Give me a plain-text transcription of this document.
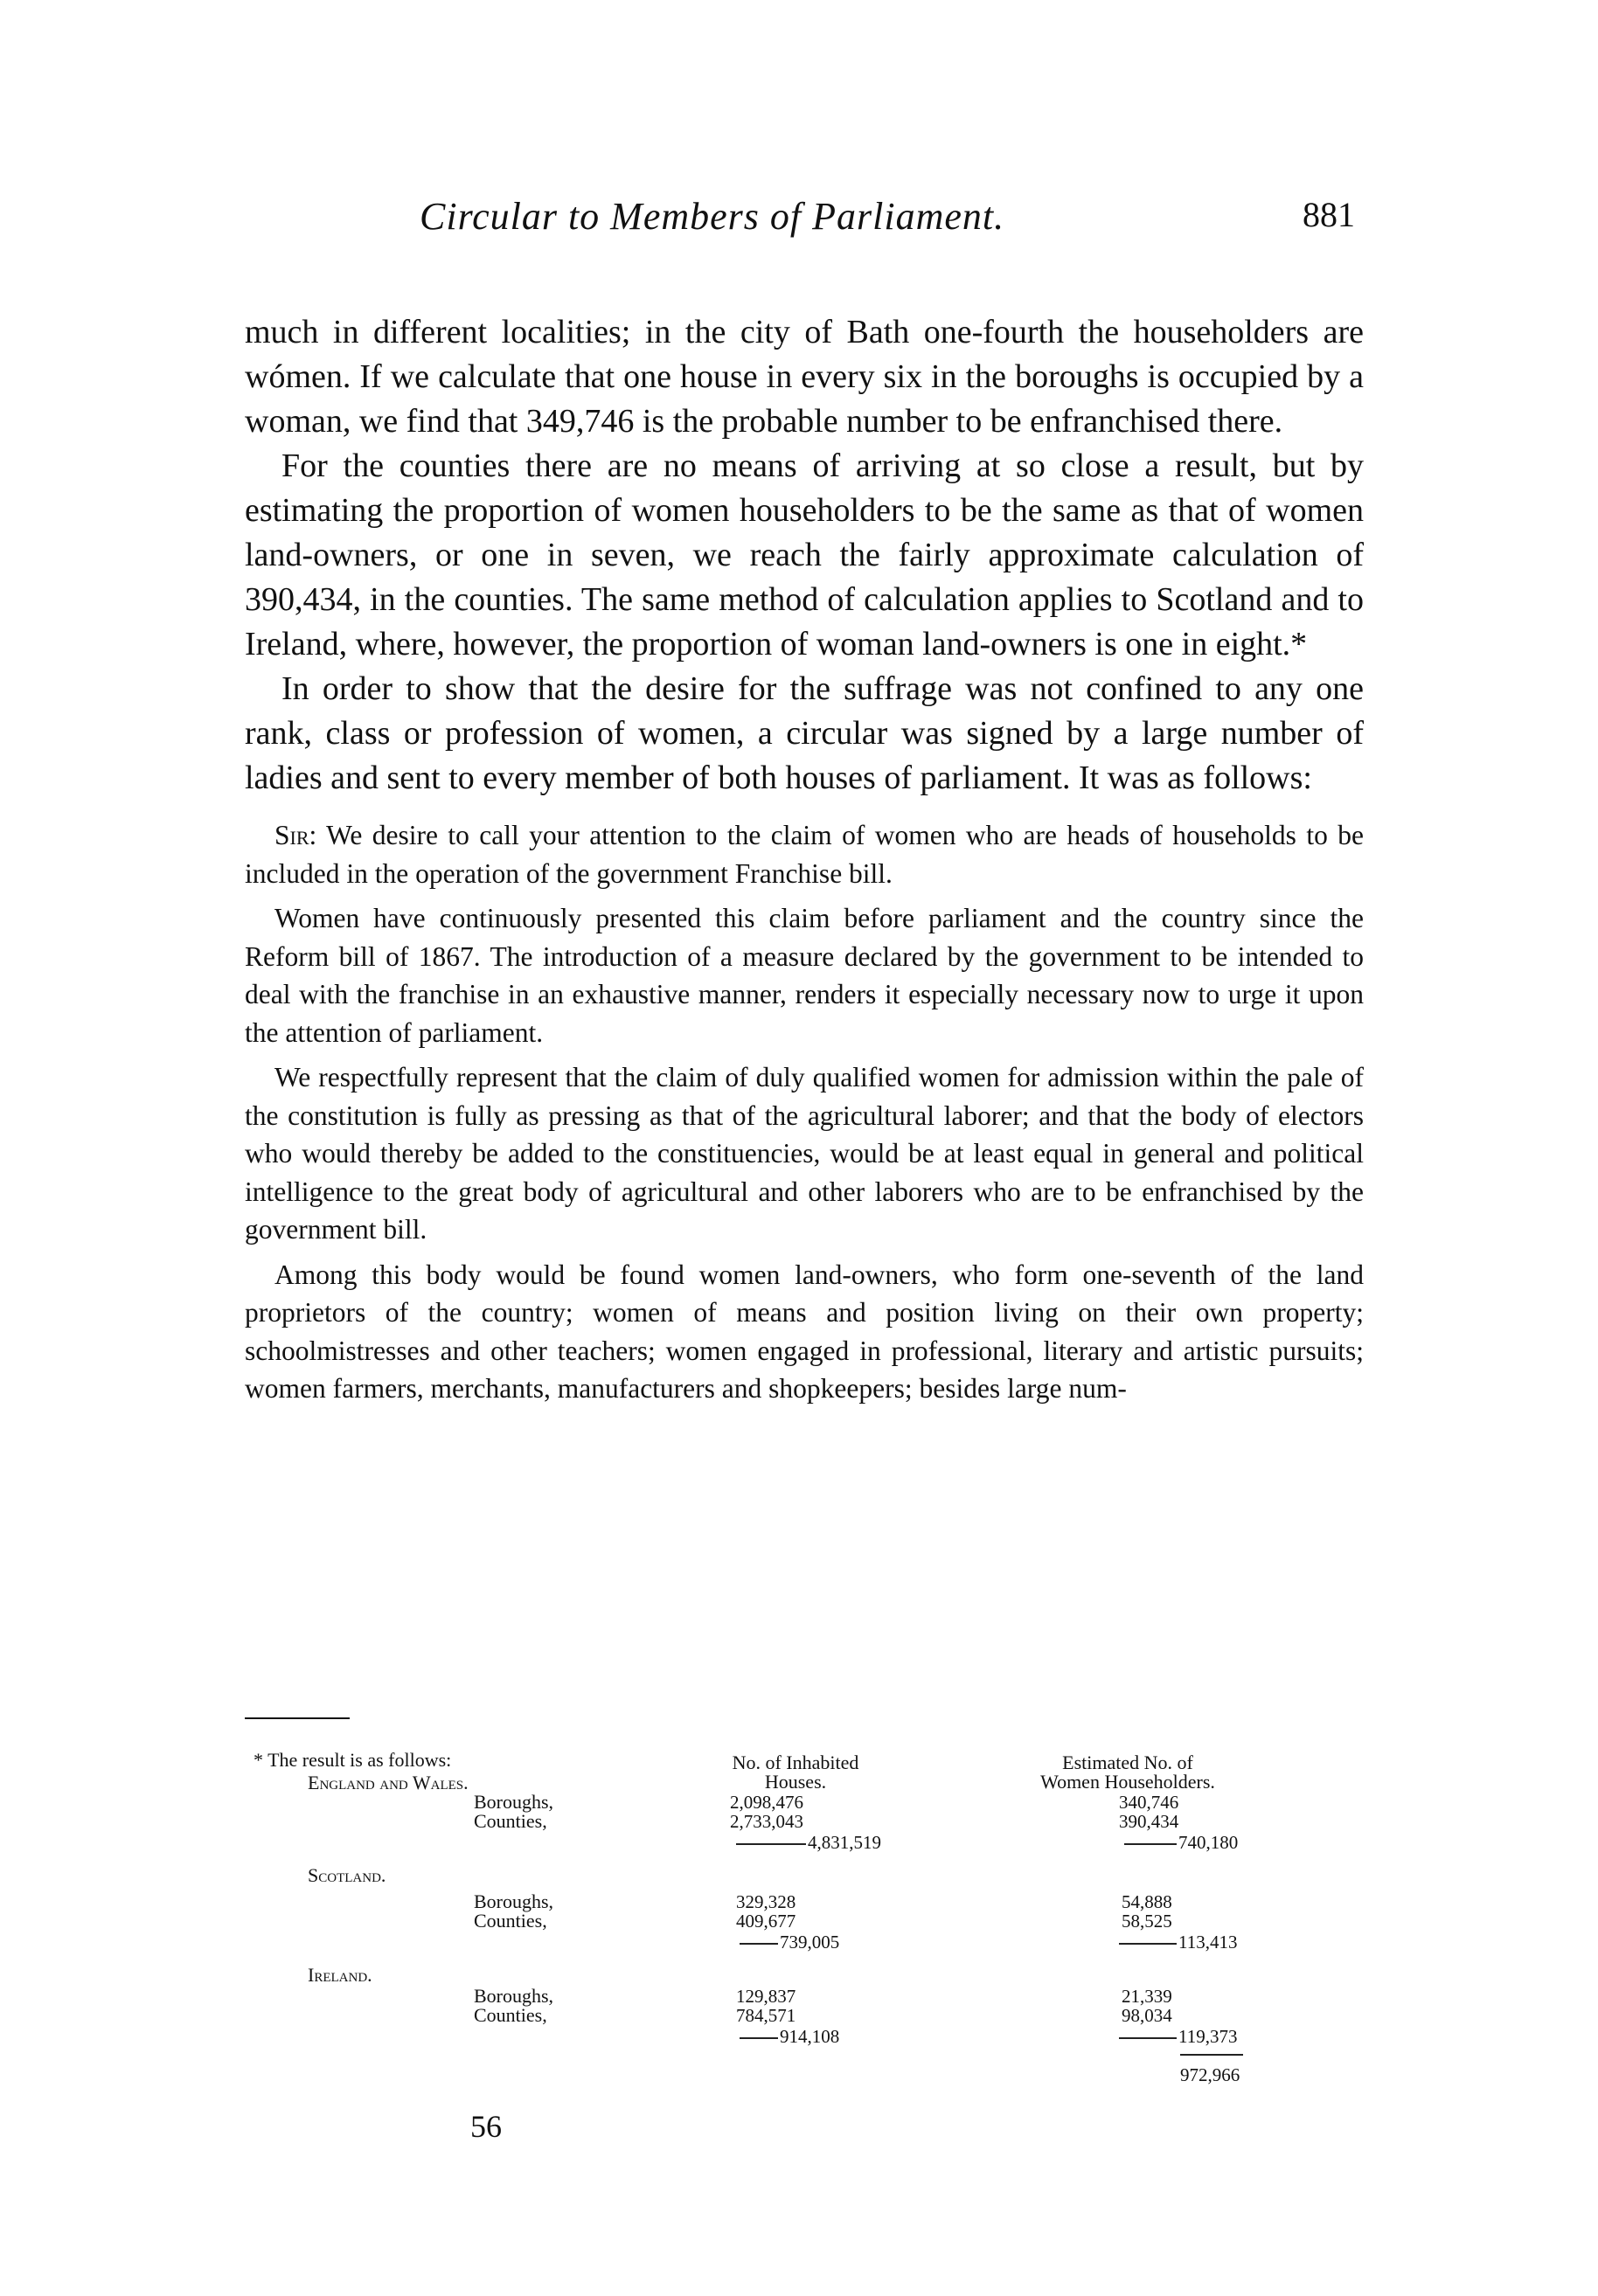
Circular to Members of Parliament.	881

much in different localities; in the city of Bath one-fourth the householders are wómen. If we calculate that one house in every six in the boroughs is occupied by a woman, we find that 349,746 is the probable number to be enfranchised there.

For the counties there are no means of arriving at so close a result, but by estimating the proportion of women householders to be the same as that of women land-owners, or one in seven, we reach the fairly approximate calculation of 390,434, in the counties. The same method of calculation applies to Scotland and to Ireland, where, however, the proportion of woman land-owners is one in eight.*

In order to show that the desire for the suffrage was not confined to any one rank, class or profession of women, a circular was signed by a large number of ladies and sent to every member of both houses of parliament. It was as follows:

Sir: We desire to call your attention to the claim of women who are heads of households to be included in the operation of the government Franchise bill.

Women have continuously presented this claim before parliament and the country since the Reform bill of 1867. The introduction of a measure declared by the government to be intended to deal with the franchise in an exhaustive manner, renders it especially necessary now to urge it upon the attention of parliament.

We respectfully represent that the claim of duly qualified women for admission within the pale of the constitution is fully as pressing as that of the agricultural laborer; and that the body of electors who would thereby be added to the constituencies, would be at least equal in general and political intelligence to the great body of agricultural and other laborers who are to be enfranchised by the government bill.

Among this body would be found women land-owners, who form one-seventh of the land proprietors of the country; women of means and position living on their own property; schoolmistresses and other teachers; women engaged in professional, literary and artistic pursuits; women farmers, merchants, manufacturers and shopkeepers; besides large num-

* The result is as follows:	No. of Inhabited
Houses.
Estimated No. of
Women Householders.
England and Wales.
Boroughs,
Counties,
2,098,476
2,733,043
4,831,519
340,746
390,434
740,180
Scotland.
Boroughs,
Counties,
329,328
409,677
739,005
54,888
58,525
113,413
Ireland.
Boroughs,
Counties,
129,837
784,571
914,108
21,339
98,034
119,373
972,966
56
